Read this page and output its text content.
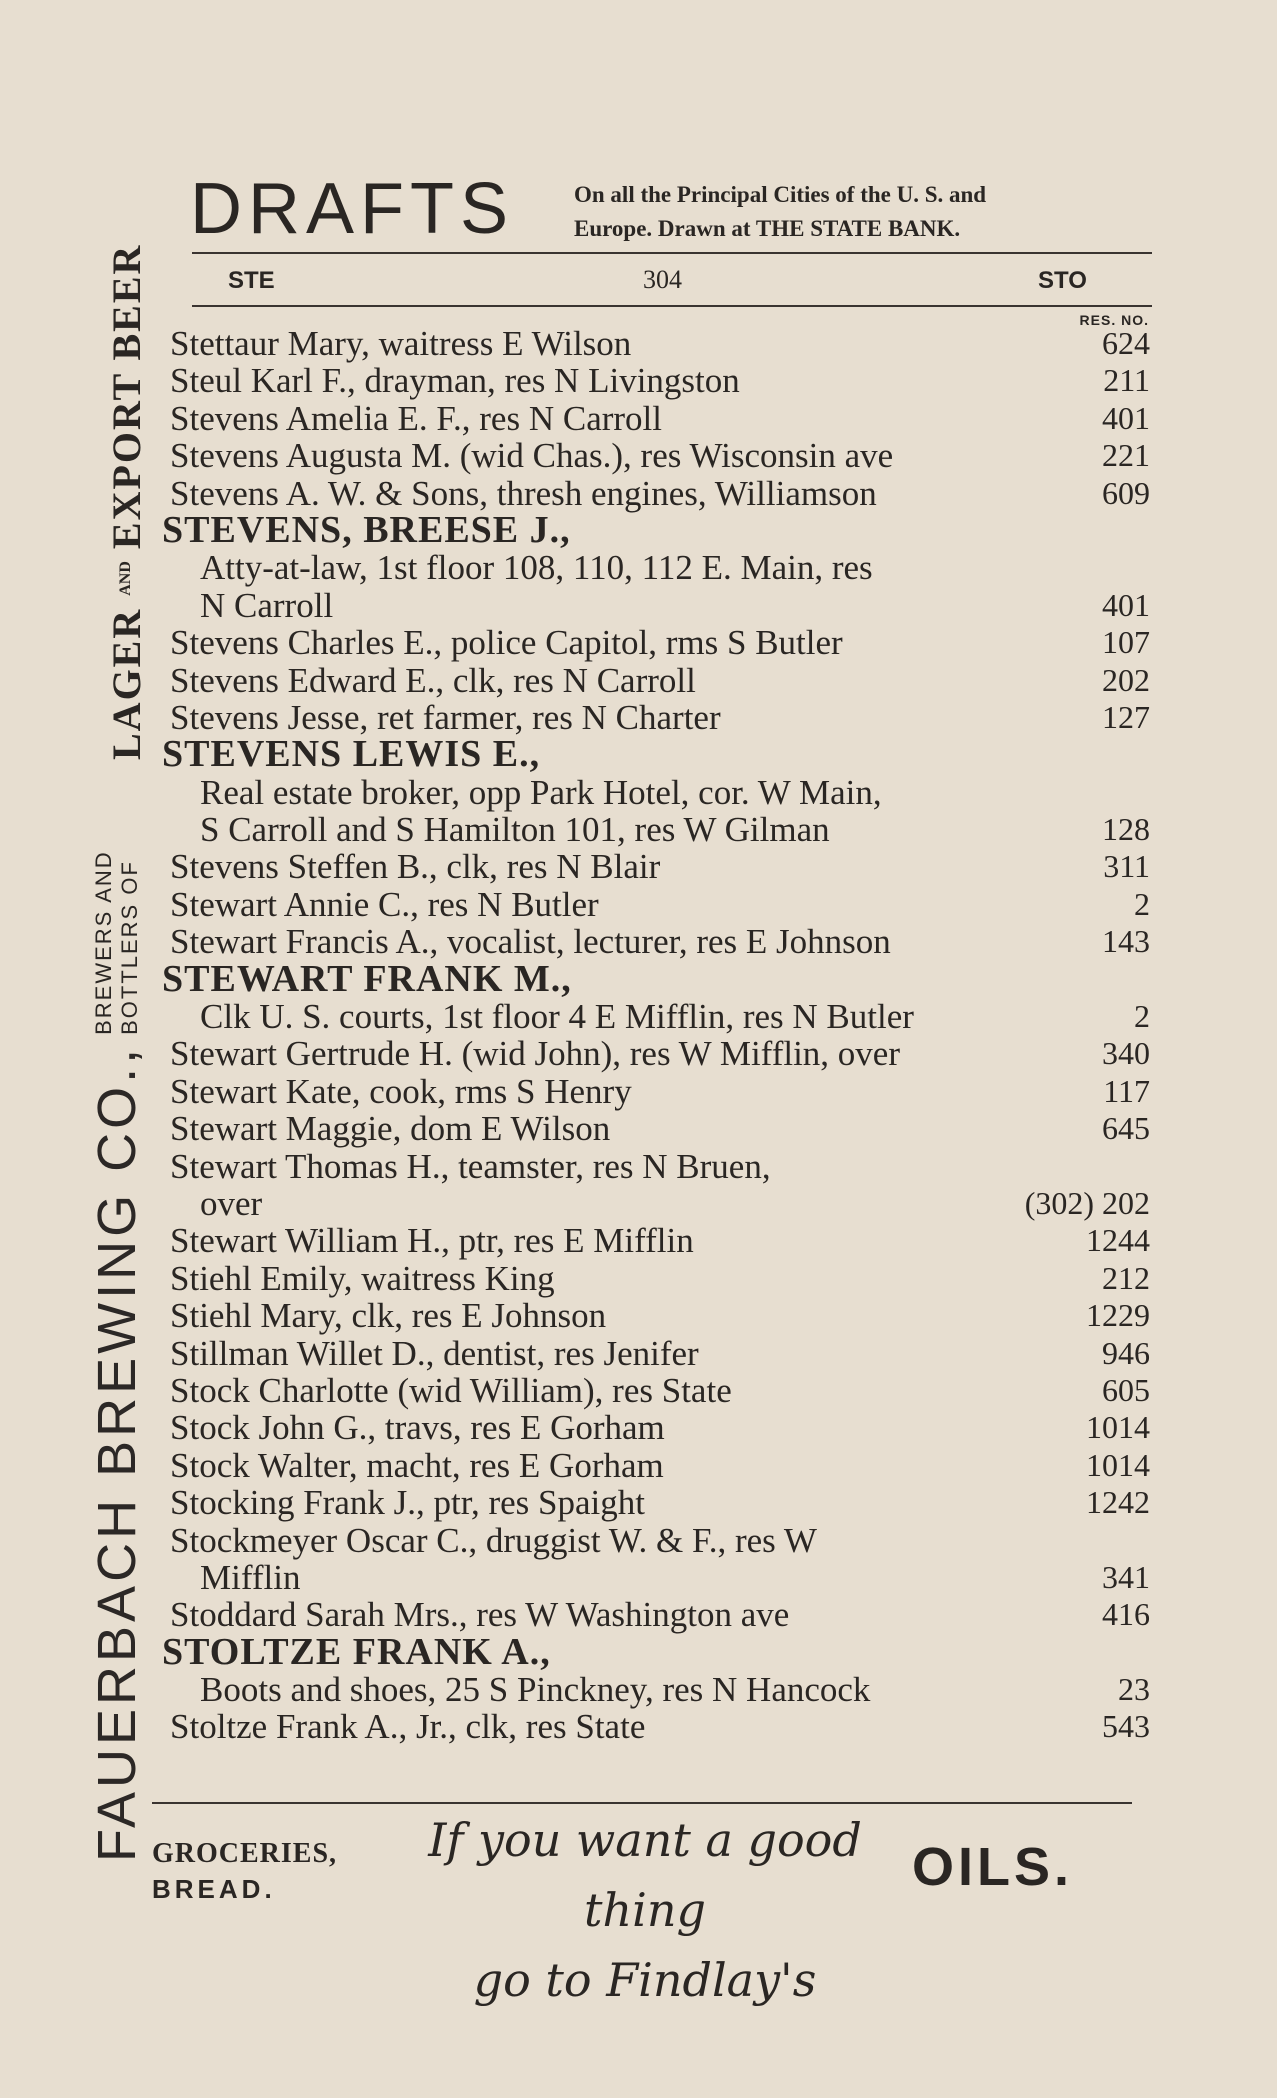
FAUERBACH BREWING CO.,
BREWERS AND BOTTLERS OF
LAGER
AND
EXPORT BEER
DRAFTS	On all the Principal Cities of the U. S. and
Europe. Drawn at THE STATE BANK.
STE	304	STO
RES. NO.
Stettaur Mary, waitress E Wilson	624
Steul Karl F., drayman, res N Livingston	211
Stevens Amelia E. F., res N Carroll	401
Stevens Augusta M. (wid Chas.), res Wisconsin ave	221
Stevens A. W. & Sons, thresh engines, Williamson	609
STEVENS, BREESE J.,
Atty-at-law, 1st floor 108, 110, 112 E. Main, res
N Carroll	401
Stevens Charles E., police Capitol, rms S Butler	107
Stevens Edward E., clk, res N Carroll	202
Stevens Jesse, ret farmer, res N Charter	127
STEVENS LEWIS E.,
Real estate broker, opp Park Hotel, cor. W Main,
S Carroll and S Hamilton 101, res W Gilman	128
Stevens Steffen B., clk, res N Blair	311
Stewart Annie C., res N Butler	2
Stewart Francis A., vocalist, lecturer, res E Johnson	143
STEWART FRANK M.,
Clk U. S. courts, 1st floor 4 E Mifflin, res N Butler	2
Stewart Gertrude H. (wid John), res W Mifflin, over	340
Stewart Kate, cook, rms S Henry	117
Stewart Maggie, dom E Wilson	645
Stewart Thomas H., teamster, res N Bruen,
over	(302) 202
Stewart William H., ptr, res E Mifflin	1244
Stiehl Emily, waitress King	212
Stiehl Mary, clk, res E Johnson	1229
Stillman Willet D., dentist, res Jenifer	946
Stock Charlotte (wid William), res State	605
Stock John G., travs, res E Gorham	1014
Stock Walter, macht, res E Gorham	1014
Stocking Frank J., ptr, res Spaight	1242
Stockmeyer Oscar C., druggist W. & F., res W
Mifflin	341
Stoddard Sarah Mrs., res W Washington ave	416
STOLTZE FRANK A.,
Boots and shoes, 25 S Pinckney, res N Hancock	23
Stoltze Frank A., Jr., clk, res State	543
GROCERIES,
BREAD.
If you want a good thing
go to Findlay's
OILS.
